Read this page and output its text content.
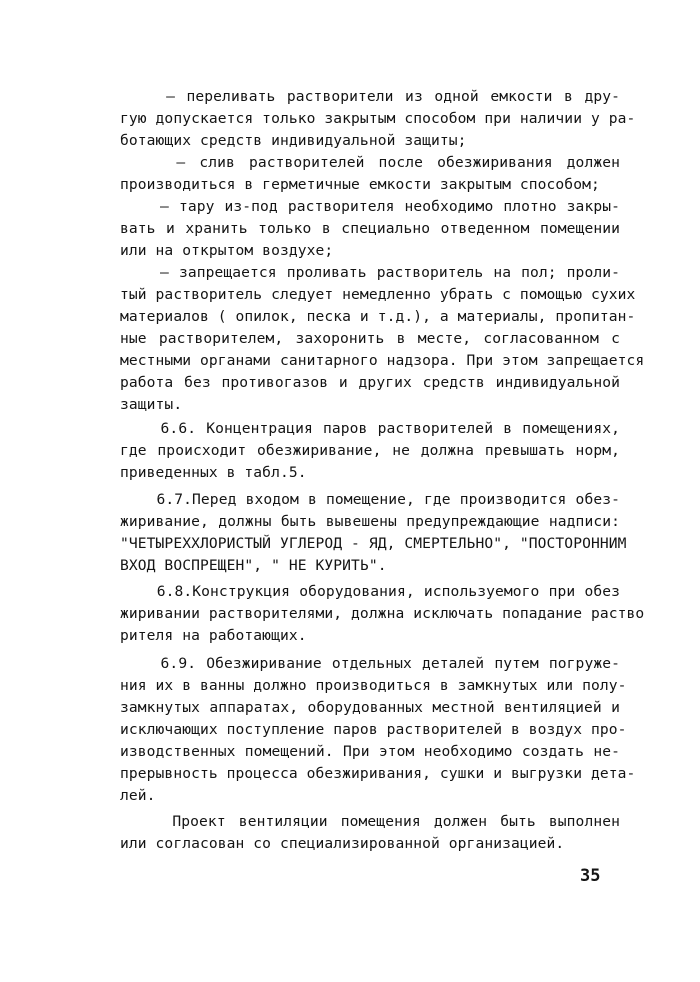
– переливать растворители из одной емкости в дру-
гую допускается только закрытым способом при наличии у ра-
ботающих средств индивидуальной защиты;
– слив растворителей после обезжиривания должен
производиться в герметичные емкости закрытым способом;
– тару из-под растворителя необходимо плотно закры-
вать и хранить только в специально отведенном помещении
или на открытом воздухе;
– запрещается проливать растворитель на пол; проли-
тый растворитель следует немедленно убрать с помощью сухих
материалов ( опилок, песка и т.д.), а материалы, пропитан-
ные растворителем, захоронить в месте, согласованном с
местными органами санитарного надзора. При этом запрещается
работа без противогазов и других средств индивидуальной
защиты.
6.6. Концентрация паров растворителей в помещениях,
где происходит обезжиривание, не должна превышать норм,
приведенных в табл.5.
6.7.Перед входом в помещение, где производится обез-
жиривание, должны быть вывешены предупреждающие надписи:
"ЧЕТЫРЕХХЛОРИСТЫЙ УГЛЕРОД - ЯД, СМЕРТЕЛЬНО", "ПОСТОРОННИМ
ВХОД ВОСПРЕЩЕН", " НЕ КУРИТЬ".
6.8.Конструкция оборудования, используемого при обез
жиривании растворителями, должна исключать попадание раство
рителя на работающих.
6.9. Обезжиривание отдельных деталей путем погруже-
ния их в ванны должно производиться в замкнутых или полу-
замкнутых аппаратах, оборудованных местной вентиляцией и
исключающих поступление паров растворителей в воздух про-
изводственных помещений. При этом необходимо создать не-
прерывность процесса обезжиривания, сушки и выгрузки дета-
лей.
Проект вентиляции помещения должен быть выполнен
или согласован со специализированной организацией.
35
